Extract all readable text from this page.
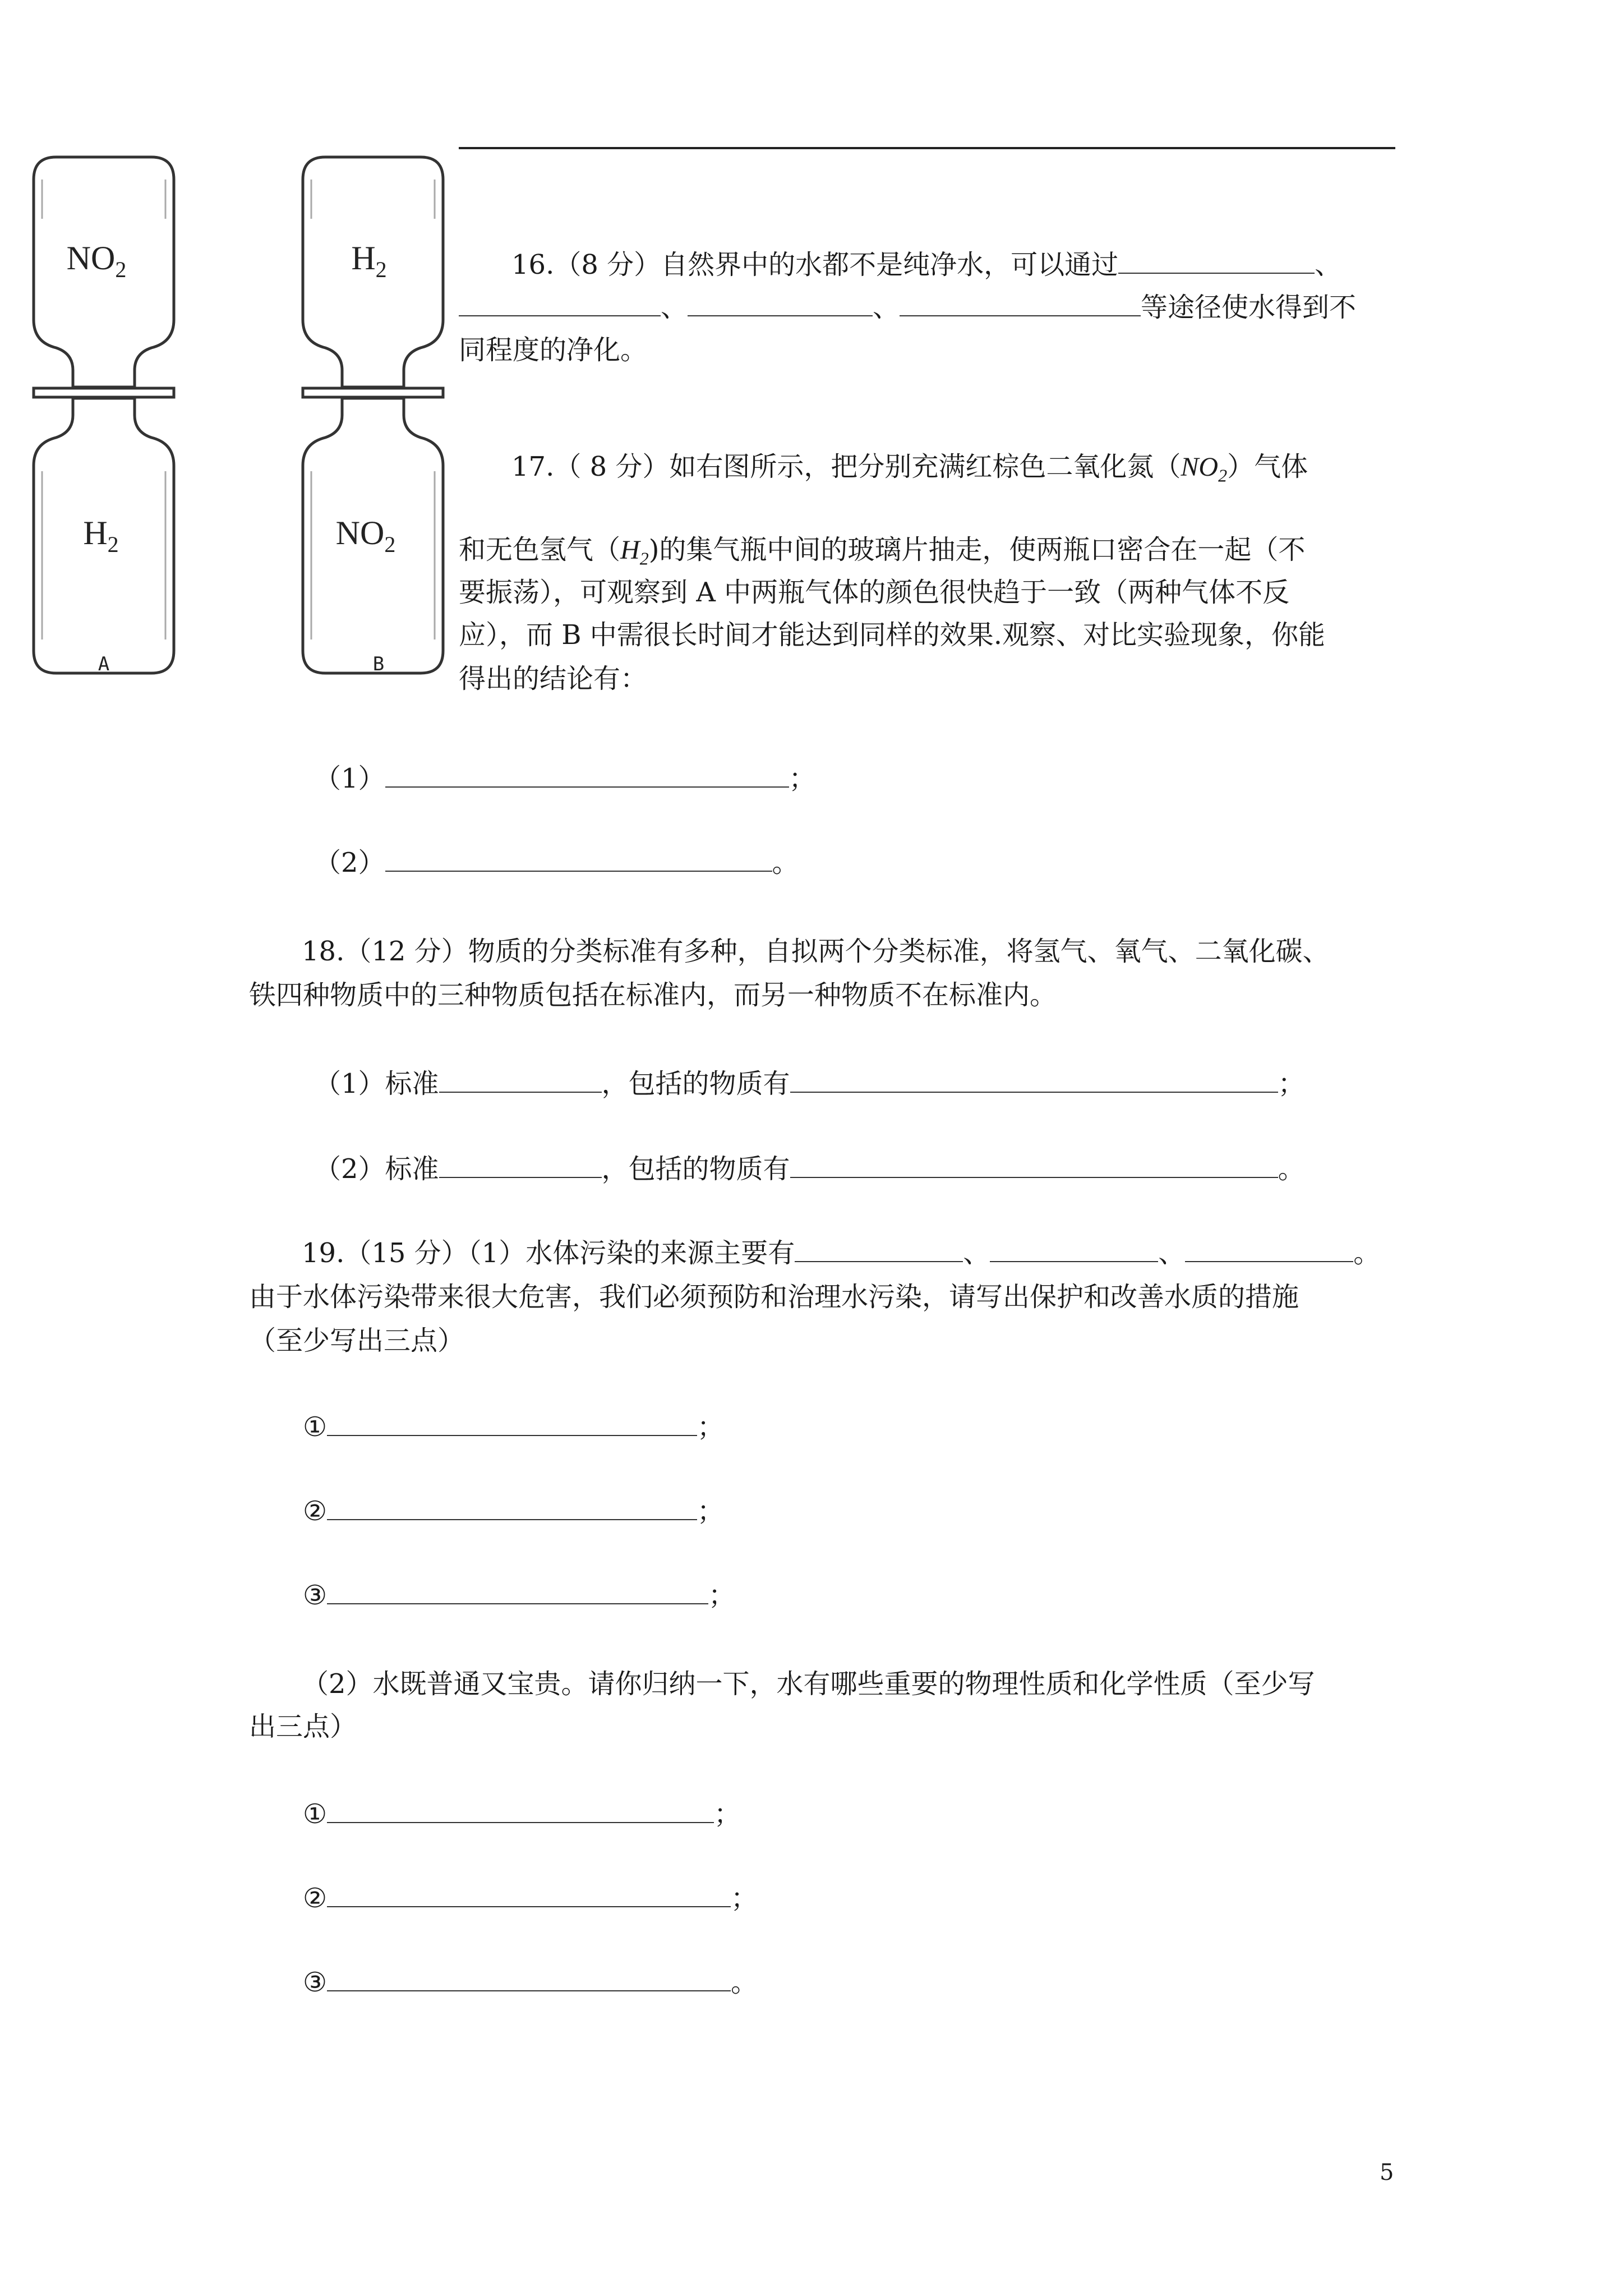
$NO_2$
$H_2$
$H_2$
$NO_2$
A	B
16.（8 分）自然界中的水都不是纯净水，可以通过	、
、	、	等途径使水得到不
同程度的净化。
17.（ 8 分）如右图所示，把分别充满红棕色二氧化氮$(NO_2)$气体
和无色氢气$(H_2)$的集气瓶中间的玻璃片抽走，使两瓶口密合在一起（不
要振荡），可观察到 A 中两瓶气体的颜色很快趋于一致（两种气体不反
应），而 B 中需很长时间才能达到同样的效果.观察、对比实验现象，你能
得出的结论有：
（1）	；
（2）	。
18.（12 分）物质的分类标准有多种，自拟两个分类标准，将氢气、氧气、二氧化碳、
铁四种物质中的三种物质包括在标准内，而另一种物质不在标准内。
（1）标准	，包括的物质有	；
（2）标准	，包括的物质有	。
19.（15 分）（1）水体污染的来源主要有	、	、	。
由于水体污染带来很大危害，我们必须预防和治理水污染，请写出保护和改善水质的措施
（至少写出三点）
①	；
②	；
③	；
（2）水既普通又宝贵。请你归纳一下，水有哪些重要的物理性质和化学性质（至少写
出三点）
①	；
②	；
③	。
5
